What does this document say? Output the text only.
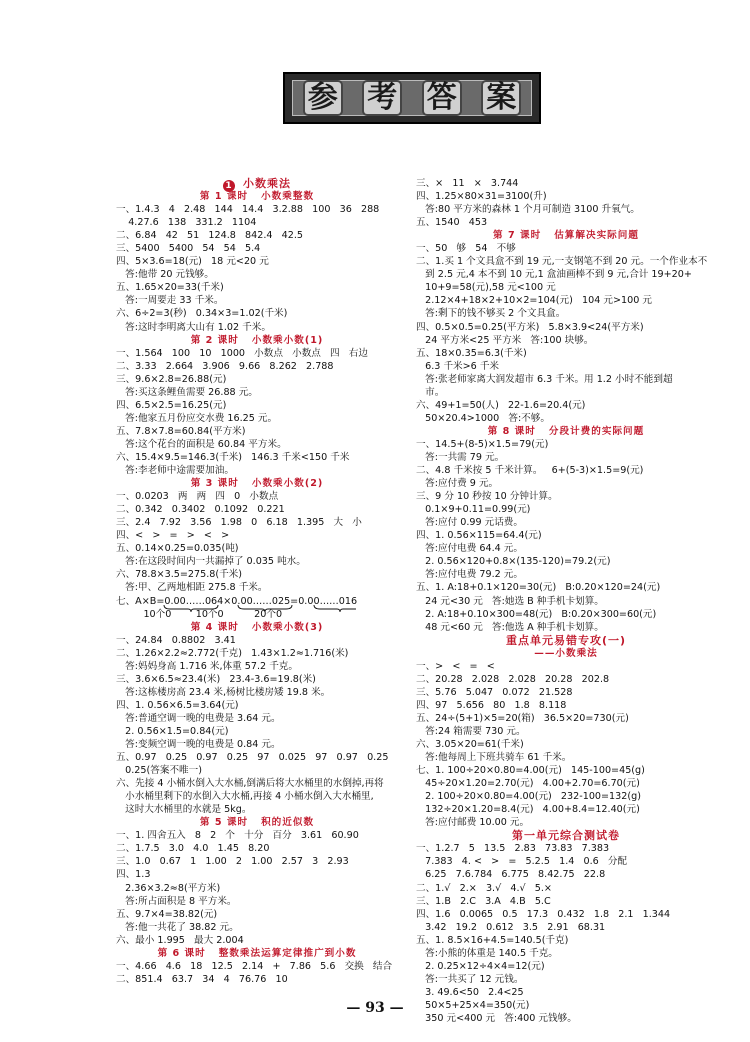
参 考 答 案
1 小数乘法
第 1 课时   小数乘整数
一、1.4.3   4   2.48   144   14.4   3.2.88   100   36   288
4.27.6   138   331.2   1104
二、6.84   42   51   124.8   842.4   42.5
三、5400   5400   54   54   5.4
四、5×3.6=18(元)   18 元<20 元
答:他带 20 元钱够。
五、1.65×20=33(千米)
答:一周要走 33 千米。
六、6÷2=3(秒)   0.34×3=1.02(千米)
答:这时李明离大山有 1.02 千米。
第 2 课时   小数乘小数(1)
一、1.564   100   10   1000   小数点   小数点   四   右边
二、3.33   2.664   3.906   9.66   8.262   2.788
三、9.6×2.8=26.88(元)
答:买这条鲤鱼需要 26.88 元。
四、6.5×2.5=16.25(元)
答:他家五月份应交水费 16.25 元。
五、7.8×7.8=60.84(平方米)
答:这个花台的面积是 60.84 平方米。
六、15.4×9.5=146.3(千米)   146.3 千米<150 千米
答:李老师中途需要加油。
第 3 课时   小数乘小数(2)
一、0.0203   两   两   四   0   小数点
二、0.342   0.3402   0.1092   0.221
三、2.4   7.92   3.56   1.98   0   6.18   1.395   大   小
四、<   >   =   >   <   >
五、0.14×0.25=0.035(吨)
答:在这段时间内一共漏掉了 0.035 吨水。
六、78.8×3.5=275.8(千米)
答:甲、乙两地相距 275.8 千米。
七、A×B=0.00……064×0.00……025=0.00……016
10个0        10个0          20个0
第 4 课时   小数乘小数(3)
一、24.84   0.8802   3.41
二、1.26×2.2≈2.772(千克)   1.43×1.2≈1.716(米)
答:妈妈身高 1.716 米,体重 57.2 千克。
三、3.6×6.5≈23.4(米)   23.4-3.6=19.8(米)
答:这栋楼房高 23.4 米,杨树比楼房矮 19.8 米。
四、1. 0.56×6.5=3.64(元)
答:普通空调一晚的电费是 3.64 元。
2. 0.56×1.5=0.84(元)
答:变频空调一晚的电费是 0.84 元。
五、0.97   0.25   0.97   0.25   97   0.025   97   0.97   0.25
0.25(答案不唯一)
六、先接 4 小桶水倒入大水桶,倒满后将大水桶里的水倒掉,再将
小水桶里剩下的水倒入大水桶,再接 4 小桶水倒入大水桶里,
这时大水桶里的水就是 5kg。
第 5 课时   积的近似数
一、1. 四舍五入   8   2   个   十分   百分   3.61   60.90
二、1.7.5   3.0   4.0   1.45   8.20
三、1.0   0.67   1   1.00   2   1.00   2.57   3   2.93
四、1.3
2.36×3.2≈8(平方米)
答:所占面积是 8 平方米。
五、9.7×4=38.82(元)
答:他一共花了 38.82 元。
六、最小 1.995   最大 2.004
第 6 课时   整数乘法运算定律推广到小数
一、4.66   4.6   18   12.5   2.14   +   7.86   5.6   交换   结合
二、851.4   63.7   34   4   76.76   10
三、×   11   ×   3.744
四、1.25×80×31=3100(升)
答:80 平方米的森林 1 个月可制造 3100 升氧气。
五、1540   453
第 7 课时   估算解决实际问题
一、50   够   54   不够
二、1.买 1 个文具盒不到 19 元,一支钢笔不到 20 元。一个作业本不
到 2.5 元,4 本不到 10 元,1 盒油画棒不到 9 元,合计 19+20+
10+9=58(元),58 元<100 元
2.12×4+18×2+10×2=104(元)   104 元>100 元
答:剩下的钱不够买 2 个文具盒。
四、0.5×0.5=0.25(平方米)   5.8×3.9<24(平方米)
24 平方米<25 平方米   答:100 块够。
五、18×0.35=6.3(千米)
6.3 千米>6 千米
答:张老师家离大润发超市 6.3 千米。用 1.2 小时不能到超
市。
六、49+1=50(人)   22-1.6=20.4(元)
50×20.4>1000   答:不够。
第 8 课时   分段计费的实际问题
一、14.5+(8-5)×1.5=79(元)
答:一共需 79 元。
二、4.8 千米按 5 千米计算。   6+(5-3)×1.5=9(元)
答:应付费 9 元。
三、9 分 10 秒按 10 分钟计算。
0.1×9+0.11=0.99(元)
答:应付 0.99 元话费。
四、1. 0.56×115=64.4(元)
答:应付电费 64.4 元。
2. 0.56×120+0.8×(135-120)=79.2(元)
答:应付电费 79.2 元。
五、1. A:18+0.1×120=30(元)   B:0.20×120=24(元)
24 元<30 元   答:她选 B 种手机卡划算。
2. A:18+0.10×300=48(元)   B:0.20×300=60(元)
48 元<60 元   答:他选 A 种手机卡划算。
重点单元易错专攻(一)
——小数乘法
一、>   <   =   <
二、20.28   2.028   2.028   20.28   202.8
三、5.76   5.047   0.072   21.528
四、97   5.656   80   1.8   8.118
五、24÷(5+1)×5=20(箱)   36.5×20=730(元)
答:24 箱需要 730 元。
六、3.05×20=61(千米)
答:他每周上下班共骑车 61 千米。
七、1. 100÷20×0.80=4.00(元)   145-100=45(g)
45÷20×1.20=2.70(元)   4.00+2.70=6.70(元)
2. 100÷20×0.80=4.00(元)   232-100=132(g)
132÷20×1.20=8.4(元)   4.00+8.4=12.40(元)
答:应付邮费 10.00 元。
第一单元综合测试卷
一、1.2.7   5   13.5   2.83   73.83   7.383
7.383   4. <   >   =   5.2.5   1.4   0.6   分配
6.25   7.6.784   6.775   8.42.75   22.8
二、1.√   2.×   3.√   4.√   5.×
三、1.B   2.C   3.A   4.B   5.C
四、1.6   0.0065   0.5   17.3   0.432   1.8   2.1   1.344
3.42   19.2   0.612   3.5   2.91   68.31
五、1. 8.5×16+4.5=140.5(千克)
答:小熊的体重是 140.5 千克。
2. 0.25×12÷4×4=12(元)
答:一共买了 12 元钱。
3. 49.6<50   2.4<25
50×5+25×4=350(元)
350 元<400 元   答:400 元钱够。
— 93 —
